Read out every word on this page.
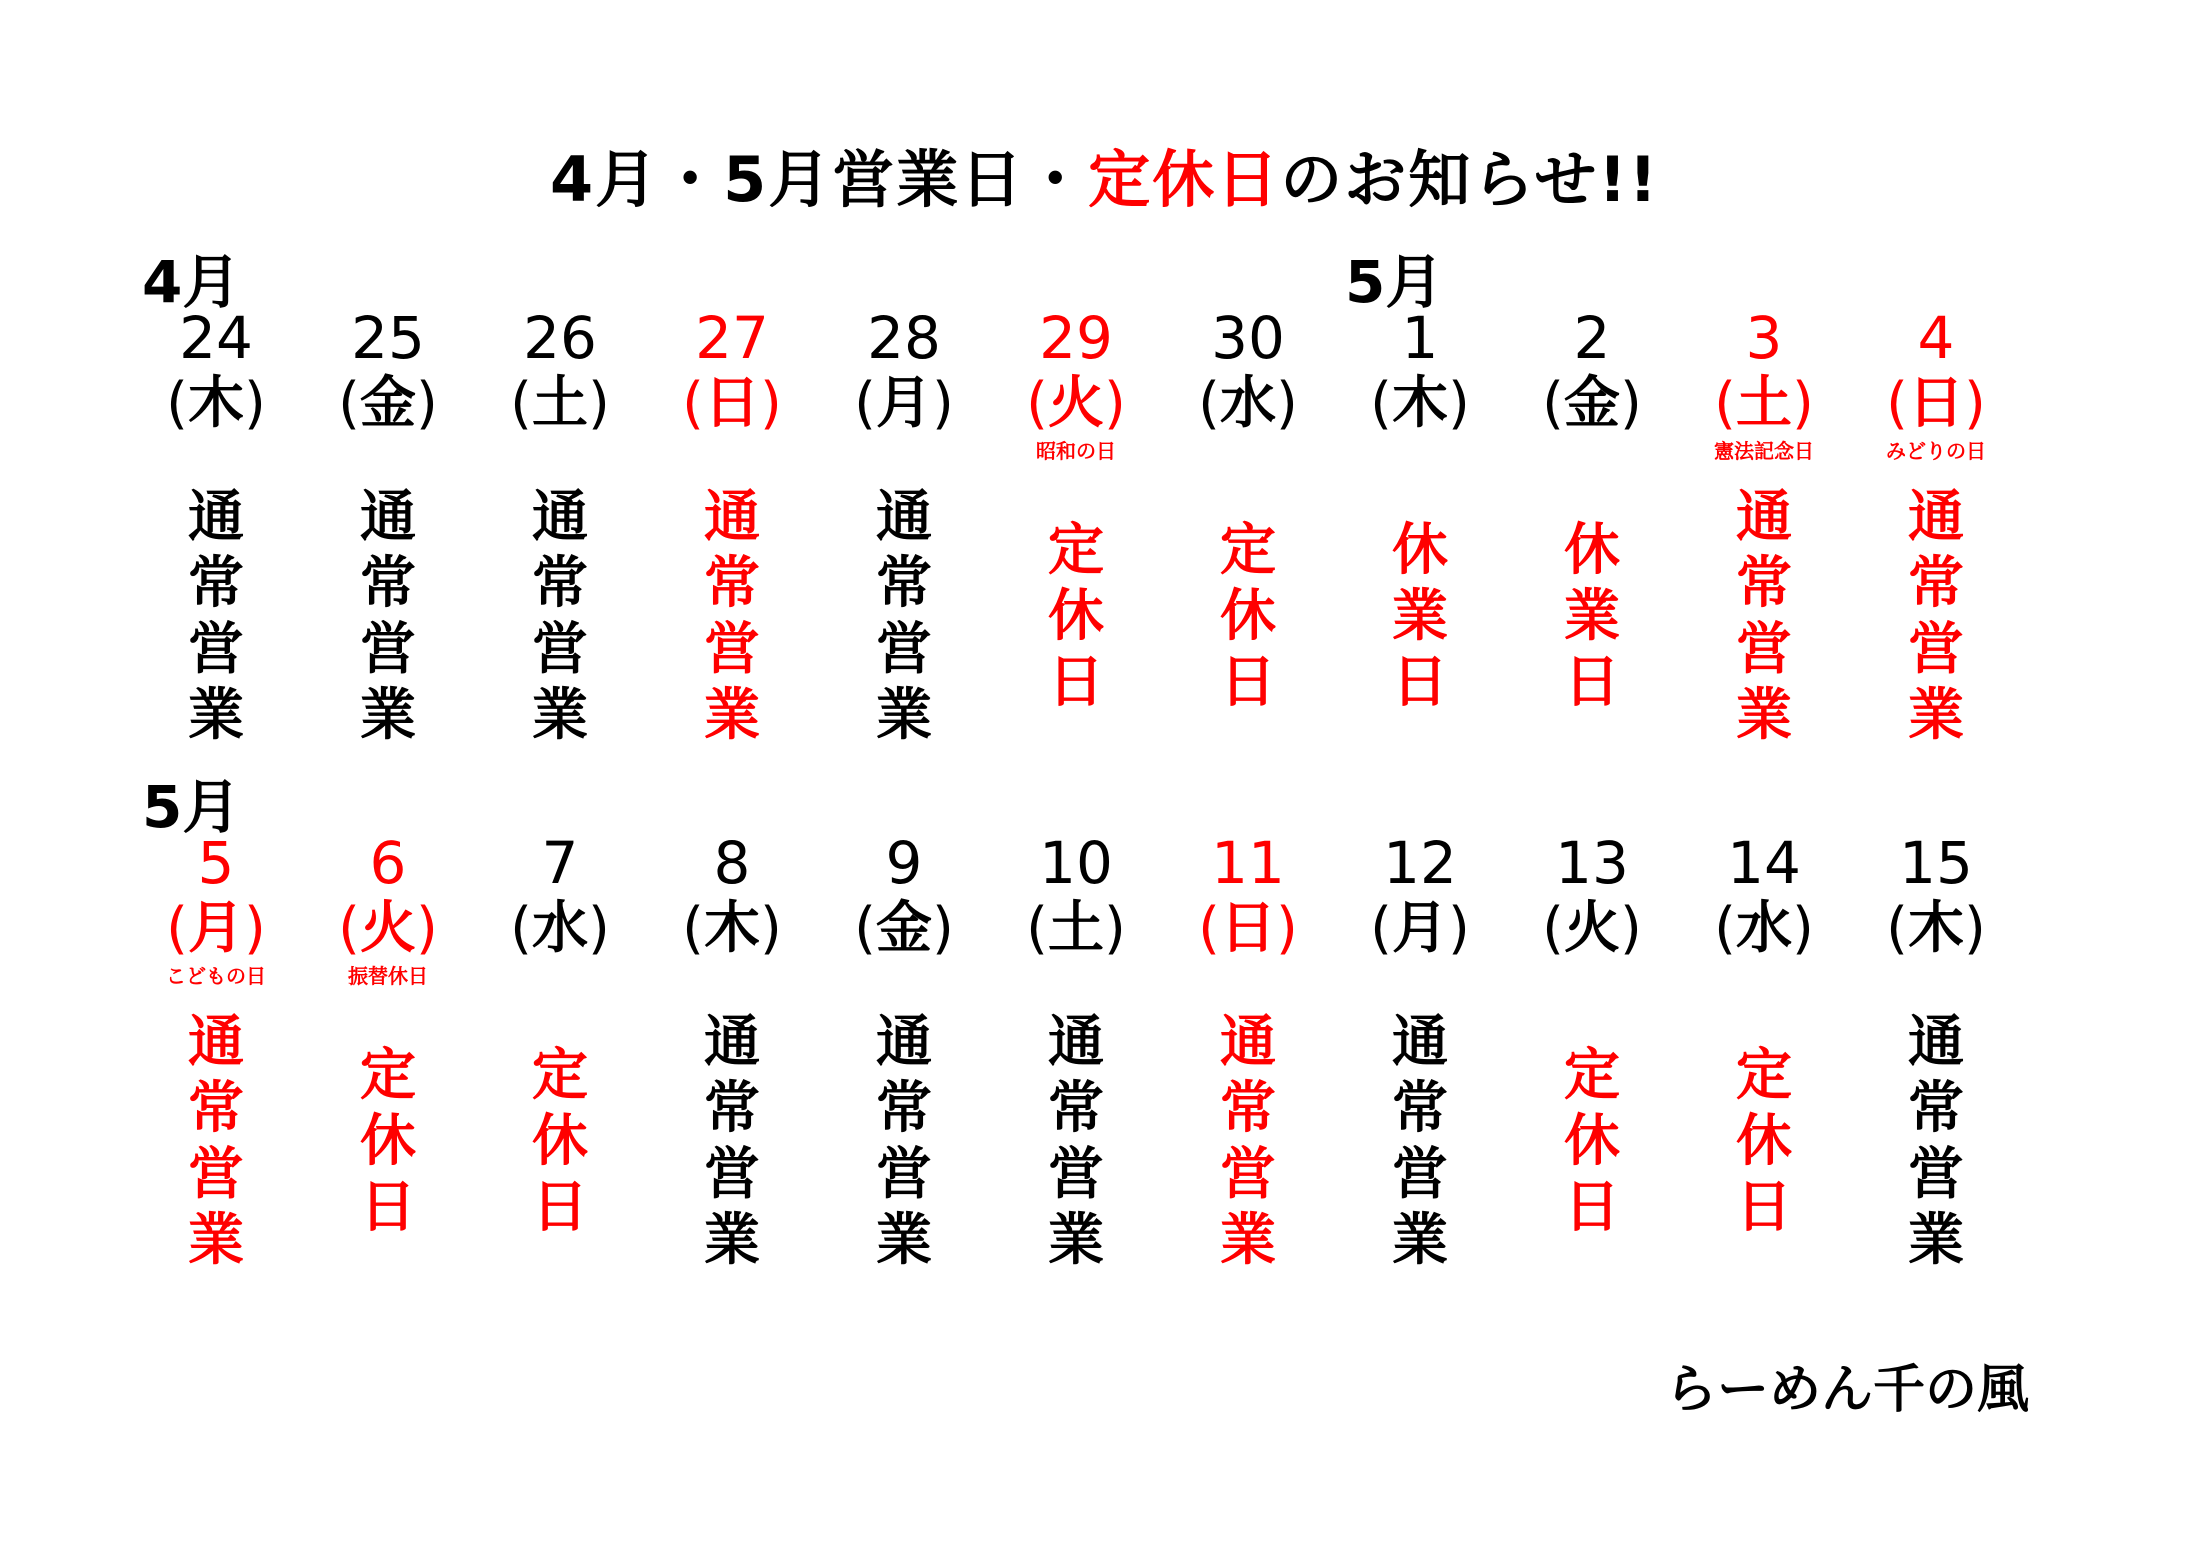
4月・5月営業日・定休日のお知らせ!!
4月	5月
5月
24
(木)
通常営業
25
(金)
通常営業
26
(土)
通常営業
27
(日)
通常営業
28
(月)
通常営業
29
(火)
昭和の日
定休日
30
(水)
定休日
1
(木)
休業日
2
(金)
休業日
3
(土)
憲法記念日
通常営業
4
(日)
みどりの日
通常営業
5
(月)
こどもの日
通常営業
6
(火)
振替休日
定休日
7
(水)
定休日
8
(木)
通常営業
9
(金)
通常営業
10
(土)
通常営業
11
(日)
通常営業
12
(月)
通常営業
13
(火)
定休日
14
(水)
定休日
15
(木)
通常営業
らーめん千の風
